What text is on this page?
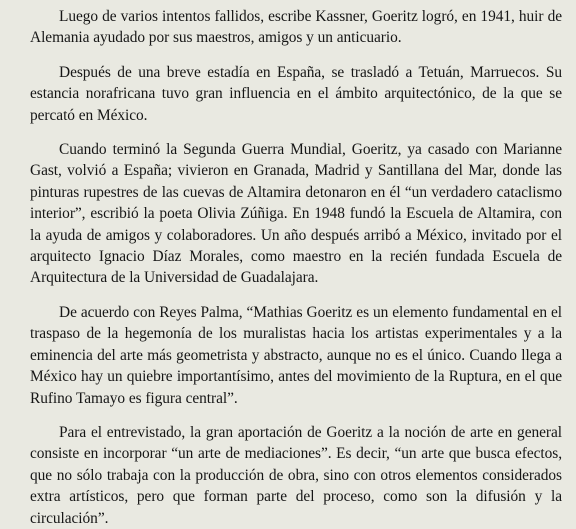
Luego de varios intentos fallidos, escribe Kassner, Goeritz logró, en 1941, huir de Alemania ayudado por sus maestros, amigos y un anticuario.

Después de una breve estadía en España, se trasladó a Tetuán, Marruecos. Su estancia norafricana tuvo gran influencia en el ámbito arquitectónico, de la que se percató en México.

Cuando terminó la Segunda Guerra Mundial, Goeritz, ya casado con Marianne Gast, volvió a España; vivieron en Granada, Madrid y Santillana del Mar, donde las pinturas rupestres de las cuevas de Altamira detonaron en él “un verdadero cataclismo interior”, escribió la poeta Olivia Zúñiga. En 1948 fundó la Escuela de Altamira, con la ayuda de amigos y colaboradores. Un año después arribó a México, invitado por el arquitecto Ignacio Díaz Morales, como maestro en la recién fundada Escuela de Arquitectura de la Universidad de Guadalajara.

De acuerdo con Reyes Palma, “Mathias Goeritz es un elemento fundamental en el traspaso de la hegemonía de los muralistas hacia los artistas experimentales y a la eminencia del arte más geometrista y abstracto, aunque no es el único. Cuando llega a México hay un quiebre importantísimo, antes del movimiento de la Ruptura, en el que Rufino Tamayo es figura central”.

Para el entrevistado, la gran aportación de Goeritz a la noción de arte en general consiste en incorporar “un arte de mediaciones”. Es decir, “un arte que busca efectos, que no sólo trabaja con la producción de obra, sino con otros elementos considerados extra artísticos, pero que forman parte del proceso, como son la difusión y la circulación”.
